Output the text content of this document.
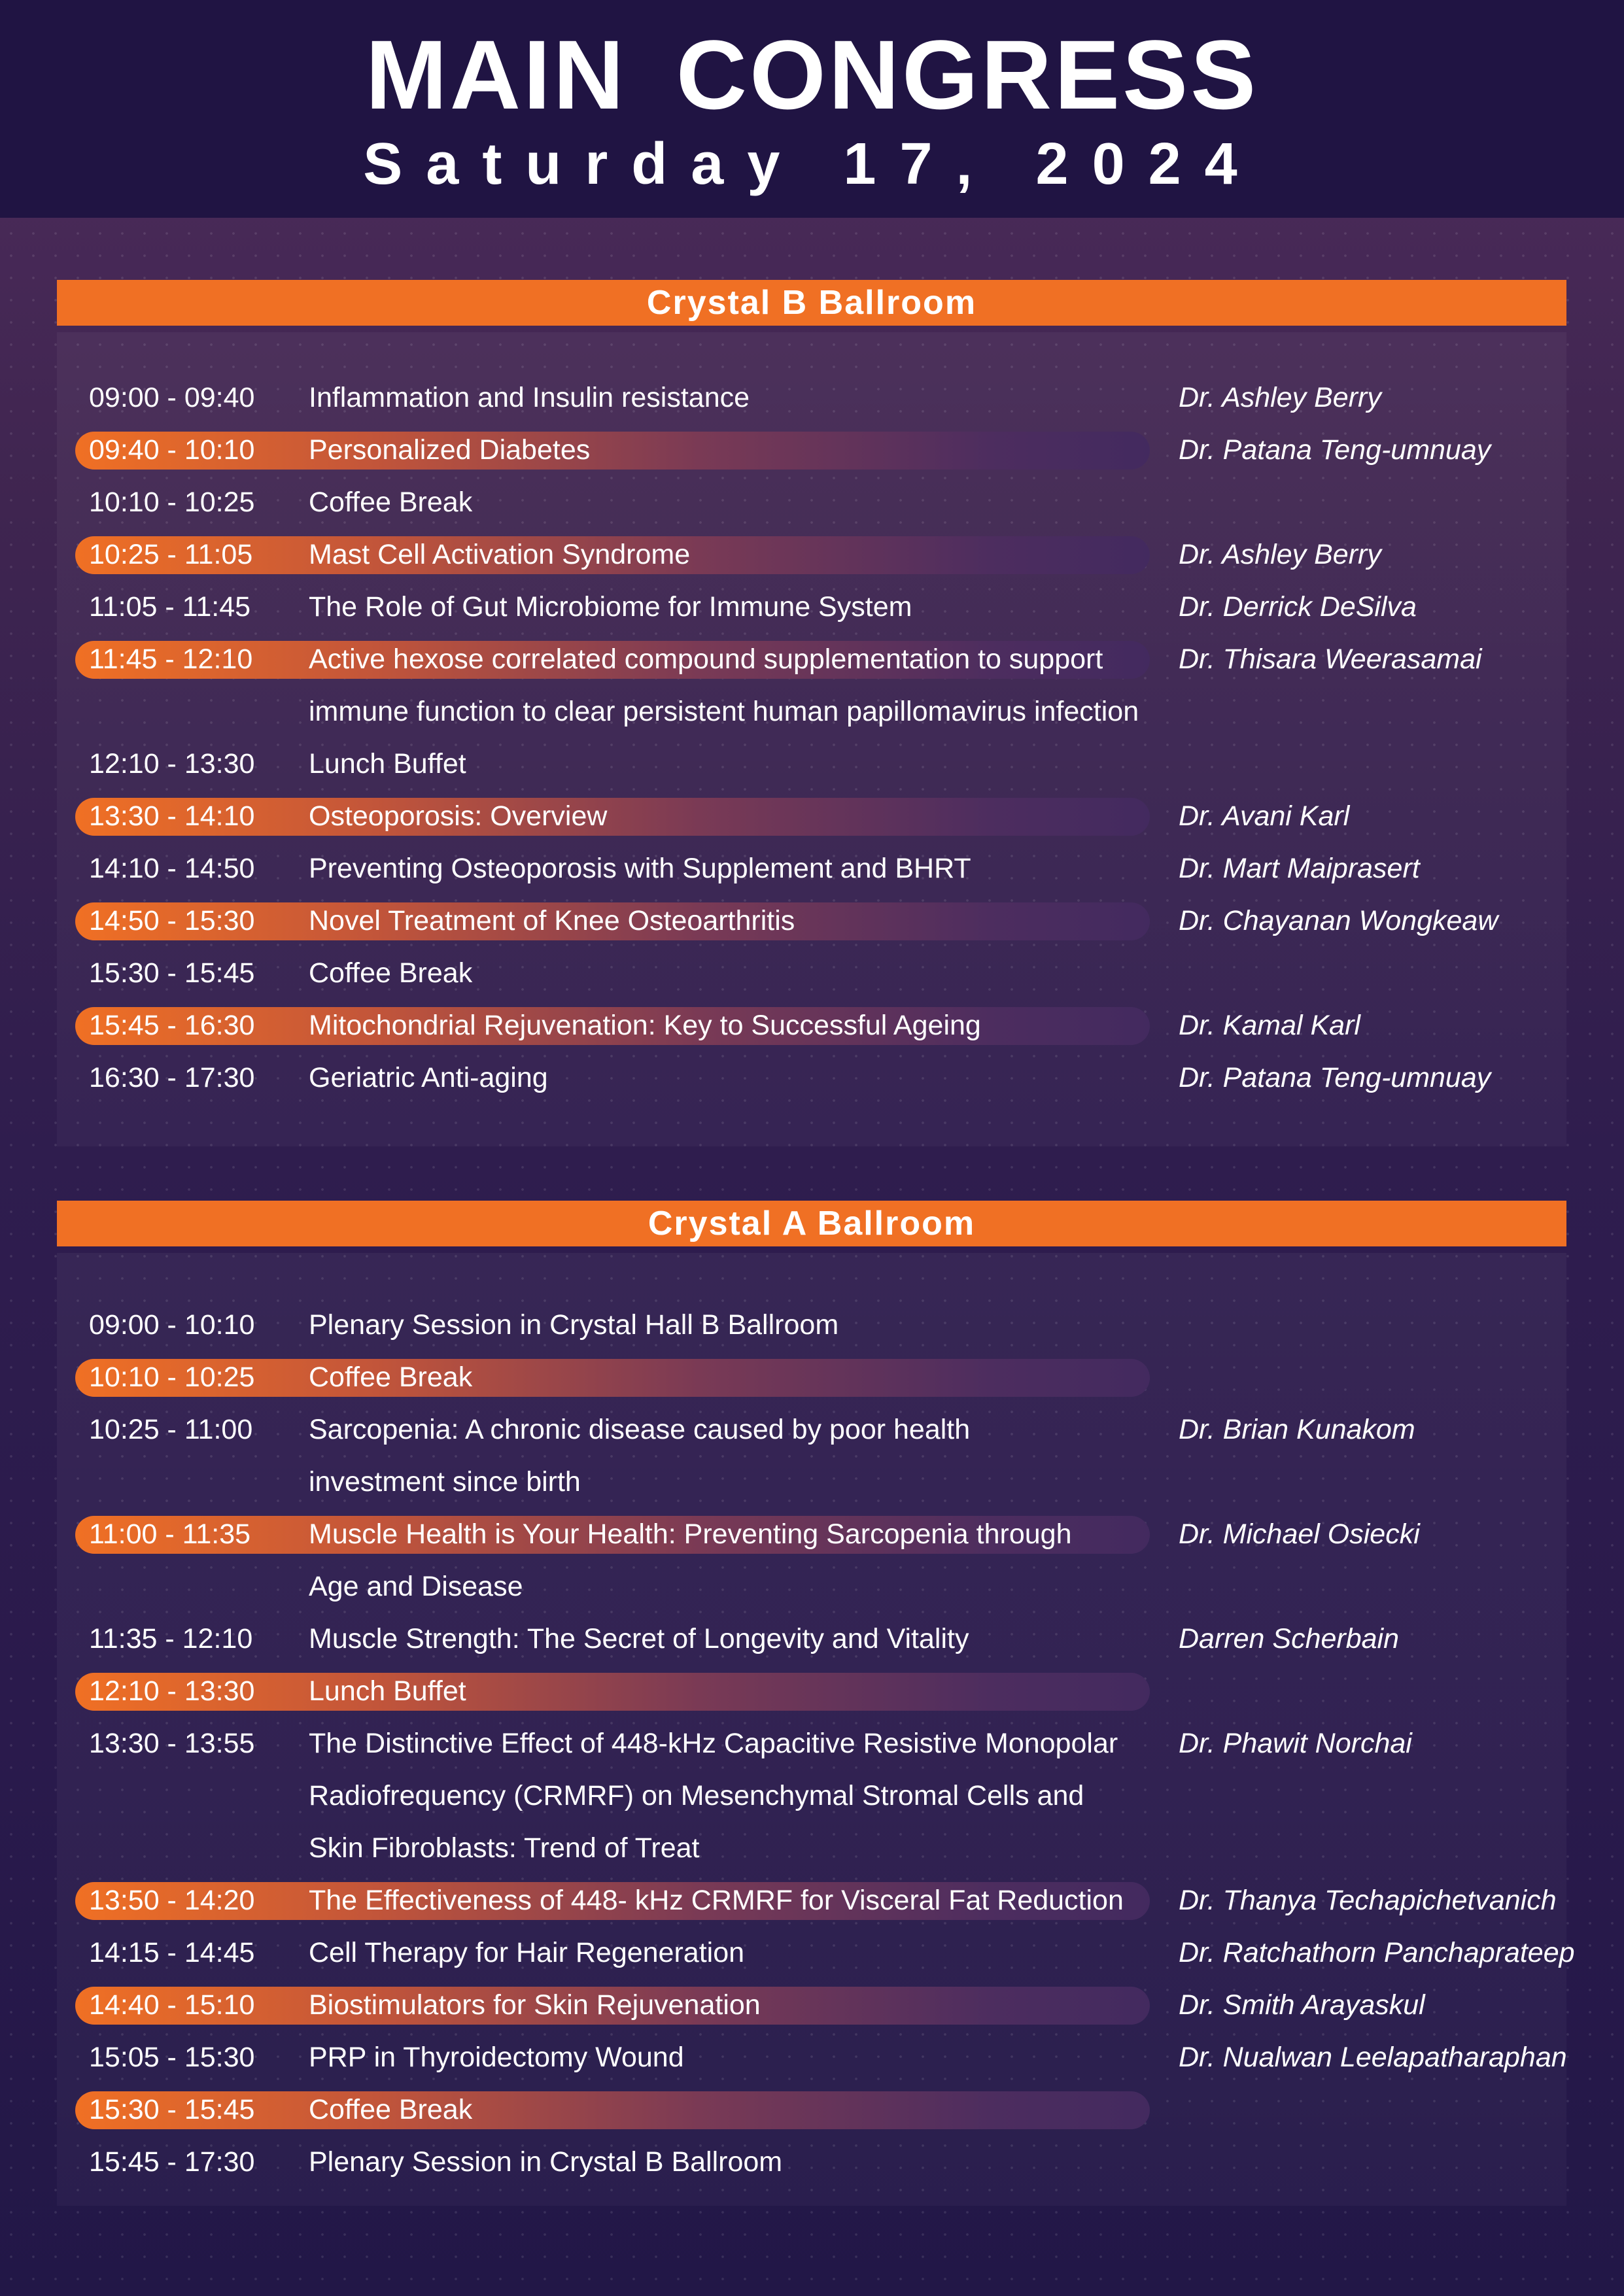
MAIN CONGRESS
Saturday 17, 2024
Crystal B Ballroom
09:00 - 09:40 Inflammation and Insulin resistance	Dr. Ashley Berry
09:40 - 10:10 Personalized Diabetes	Dr. Patana Teng-umnuay
10:10 - 10:25 Coffee Break
10:25 - 11:05 Mast Cell Activation Syndrome	Dr. Ashley Berry
11:05 - 11:45 The Role of Gut Microbiome for Immune System	Dr. Derrick DeSilva
11:45 - 12:10 Active hexose correlated compound supplementation to support	Dr. Thisara Weerasamai
immune function to clear persistent human papillomavirus infection
12:10 - 13:30 Lunch Buffet
13:30 - 14:10 Osteoporosis: Overview	Dr. Avani Karl
14:10 - 14:50 Preventing Osteoporosis with Supplement and BHRT	Dr. Mart Maiprasert
14:50 - 15:30 Novel Treatment of Knee Osteoarthritis	Dr. Chayanan Wongkeaw
15:30 - 15:45 Coffee Break
15:45 - 16:30 Mitochondrial Rejuvenation: Key to Successful Ageing	Dr. Kamal Karl
16:30 - 17:30 Geriatric Anti-aging	Dr. Patana Teng-umnuay
Crystal A Ballroom
09:00 - 10:10 Plenary Session in Crystal Hall B Ballroom
10:10 - 10:25 Coffee Break
10:25 - 11:00 Sarcopenia: A chronic disease caused by poor health	Dr. Brian Kunakom
investment since birth
11:00 - 11:35 Muscle Health is Your Health: Preventing Sarcopenia through	Dr. Michael Osiecki
Age and Disease
11:35 - 12:10 Muscle Strength: The Secret of Longevity and Vitality	Darren Scherbain
12:10 - 13:30 Lunch Buffet
13:30 - 13:55 The Distinctive Effect of 448-kHz Capacitive Resistive Monopolar Dr. Phawit Norchai
Radiofrequency (CRMRF) on Mesenchymal Stromal Cells and
Skin Fibroblasts: Trend of Treat
13:50 - 14:20 The Effectiveness of 448- kHz CRMRF for Visceral Fat Reduction Dr. Thanya Techapichetvanich
14:15 - 14:45 Cell Therapy for Hair Regeneration	Dr. Ratchathorn Panchaprateep
14:40 - 15:10 Biostimulators for Skin Rejuvenation	Dr. Smith Arayaskul
15:05 - 15:30 PRP in Thyroidectomy Wound	Dr. Nualwan Leelapatharaphan
15:30 - 15:45 Coffee Break
15:45 - 17:30 Plenary Session in Crystal B Ballroom
